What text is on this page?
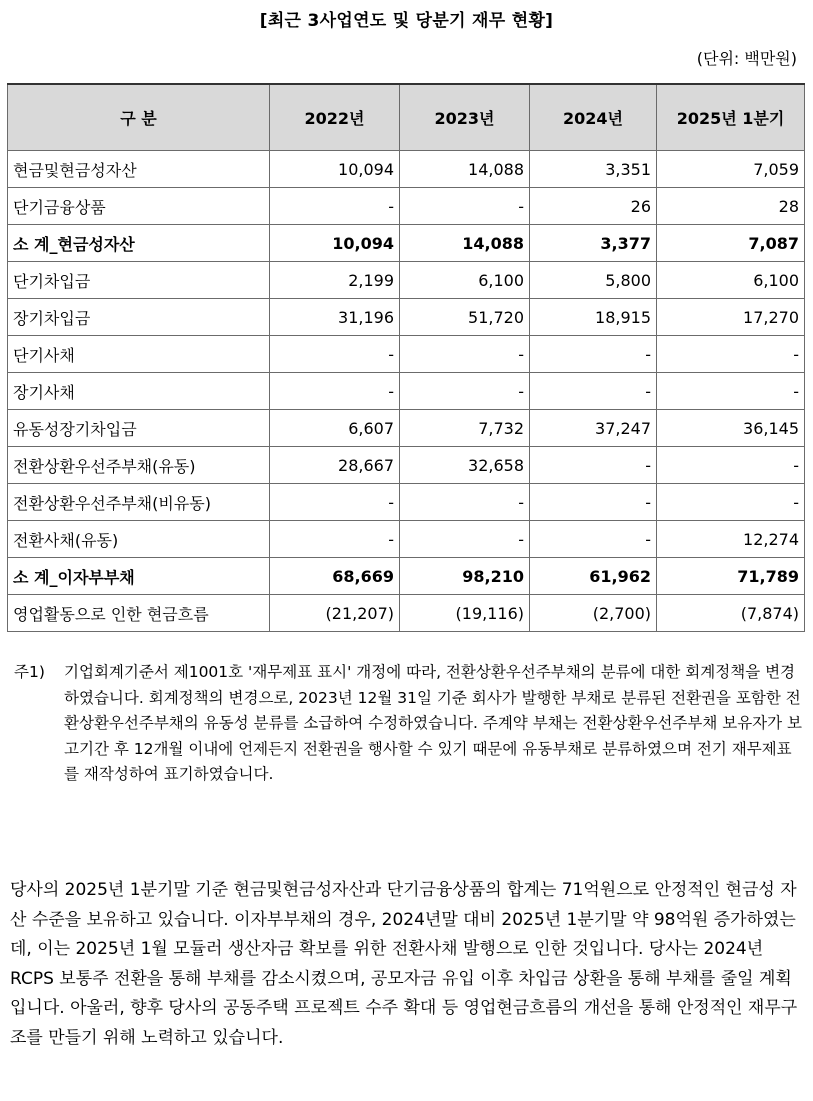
[최근 3사업연도 및 당분기 재무 현황]
(단위: 백만원)
구 분	2022년	2023년	2024년	2025년 1분기
현금및현금성자산	10,094	14,088	3,351	7,059
단기금융상품	-	-	26	28
소 계_현금성자산	10,094	14,088	3,377	7,087
단기차입금	2,199	6,100	5,800	6,100
장기차입금	31,196	51,720	18,915	17,270
단기사채	-	-	-	-
장기사채	-	-	-	-
유동성장기차입금	6,607	7,732	37,247	36,145
전환상환우선주부채(유동)	28,667	32,658	-	-
전환상환우선주부채(비유동)	-	-	-	-
전환사채(유동)	-	-	-	12,274
소 계_이자부부채	68,669	98,210	61,962	71,789
영업활동으로 인한 현금흐름	(21,207)	(19,116)	(2,700)	(7,874)
주1) 기업회계기준서 제1001호 '재무제표 표시' 개정에 따라, 전환상환우선주부채의 분류에 대한 회계정책을 변경하였습니다. 회계정책의 변경으로, 2023년 12월 31일 기준 회사가 발행한 부채로 분류된 전환권을 포함한 전환상환우선주부채의 유동성 분류를 소급하여 수정하였습니다. 주계약 부채는 전환상환우선주부채 보유자가 보고기간 후 12개월 이내에 언제든지 전환권을 행사할 수 있기 때문에 유동부채로 분류하였으며 전기 재무제표를 재작성하여 표기하였습니다.
당사의 2025년 1분기말 기준 현금및현금성자산과 단기금융상품의 합계는 71억원으로 안정적인 현금성 자산 수준을 보유하고 있습니다. 이자부부채의 경우, 2024년말 대비 2025년 1분기말 약 98억원 증가하였는데, 이는 2025년 1월 모듈러 생산자금 확보를 위한 전환사채 발행으로 인한 것입니다. 당사는 2024년 RCPS 보통주 전환을 통해 부채를 감소시켰으며, 공모자금 유입 이후 차입금 상환을 통해 부채를 줄일 계획입니다. 아울러, 향후 당사의 공동주택 프로젝트 수주 확대 등 영업현금흐름의 개선을 통해 안정적인 재무구조를 만들기 위해 노력하고 있습니다.
